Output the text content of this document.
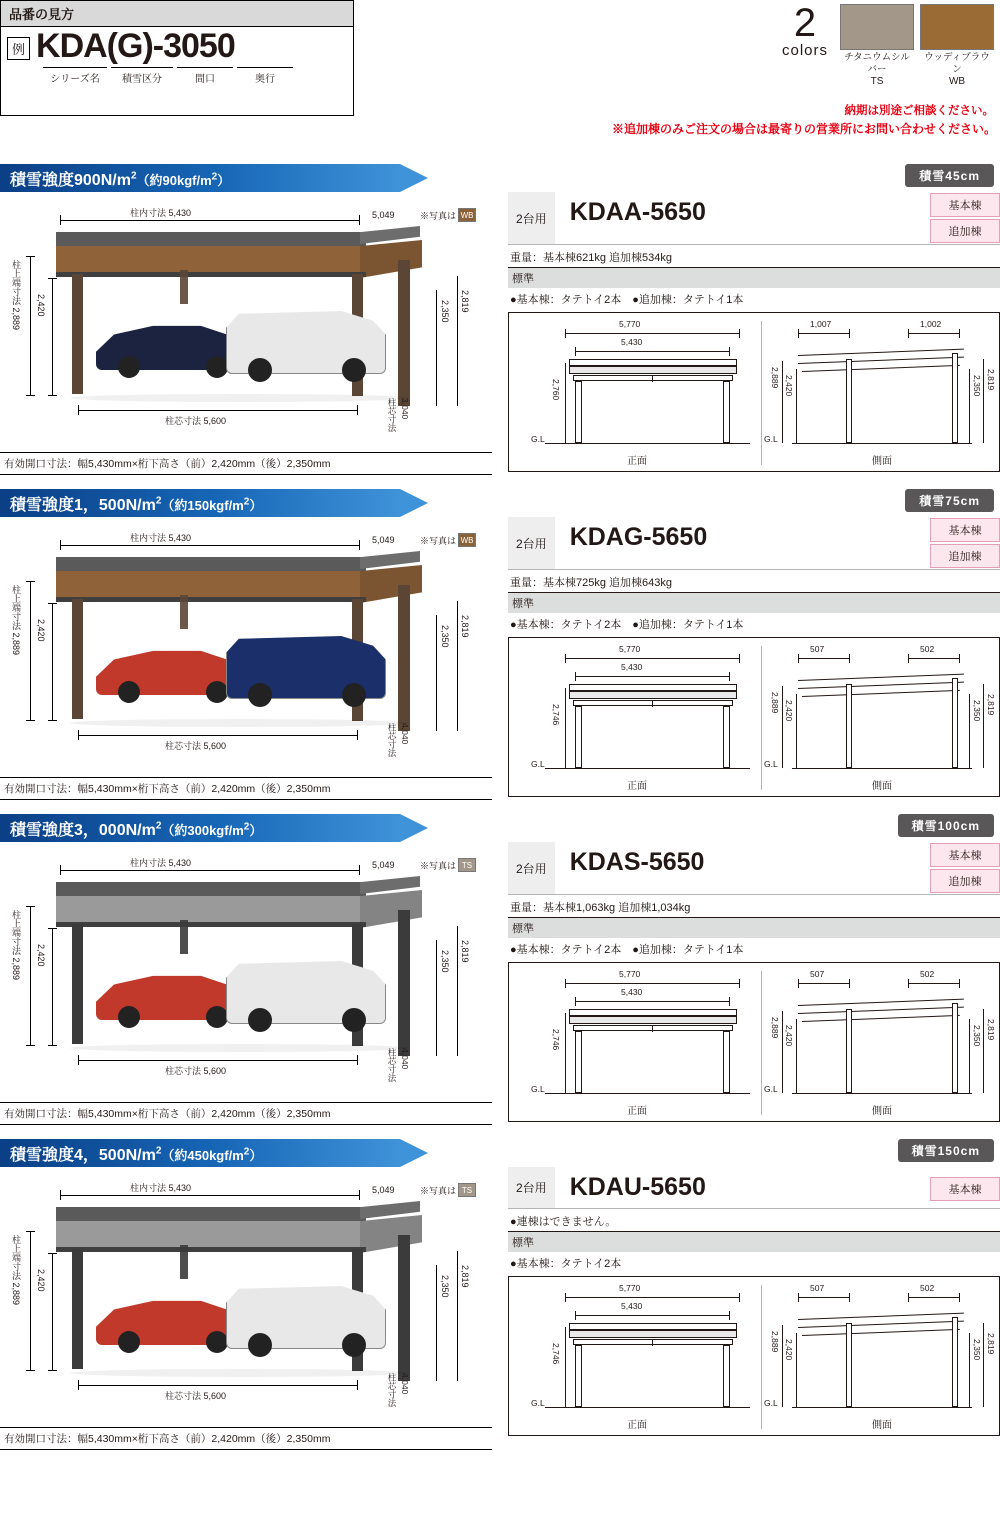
品番の見方
例 KDA(G)-3050
シリーズ名	積雪区分	間口	奥行
2
colors	チタニウムシルバー
TS
ウッディブラウン
WB
納期は別途ご相談ください。
※追加棟のみご注文の場合は最寄りの営業所にお問い合わせください。
積雪45cm
積雪強度$900N/m^2$（約$90kgf/m^2$）
柱内寸法 5,430	5,049	※写真は WB
柱上端寸法 2,889 2,420	2,350 2,819
柱芯寸法 5,600	柱芯寸法 3,040
有効開口寸法：幅5,430mm×桁下高さ（前）2,420mm（後）2,350mm
2台用 KDAA-5650	基本棟
追加棟
重量：基本棟621kg 追加棟534kg
標準
●基本棟：タテトイ2本　●追加棟：タテトイ1本
5,770
5,430
2,760
G.L
正面
1,007	1,002
2,889 2,420
G.L
2,350 2,819
側面
積雪75cm
積雪強度1，$500N/m^2$（約$150kgf/m^2$）
柱内寸法 5,430	5,049	※写真は WB
柱上端寸法 2,889 2,420	2,350 2,819
柱芯寸法 5,600	柱芯寸法 4,040
有効開口寸法：幅5,430mm×桁下高さ（前）2,420mm（後）2,350mm
2台用 KDAG-5650	基本棟
追加棟
重量：基本棟725kg 追加棟643kg
標準
●基本棟：タテトイ2本　●追加棟：タテトイ1本
5,770
5,430
2,746
G.L
正面
507	502
2,889 2,420
G.L
2,350 2,819
側面
積雪100cm
積雪強度3，$000N/m^2$（約$300kgf/m^2$）
柱内寸法 5,430	5,049	※写真は TS
柱上端寸法 2,889 2,420	2,350 2,819
柱芯寸法 5,600	柱芯寸法 4,040
有効開口寸法：幅5,430mm×桁下高さ（前）2,420mm（後）2,350mm
2台用 KDAS-5650	基本棟
追加棟
重量：基本棟1,063kg 追加棟1,034kg
標準
●基本棟：タテトイ2本　●追加棟：タテトイ1本
5,770
5,430
2,746
G.L
正面
507	502
2,889 2,420
G.L
2,350 2,819
側面
積雪150cm
積雪強度4，$500N/m^2$（約$450kgf/m^2$）
柱内寸法 5,430	5,049	※写真は TS
柱上端寸法 2,889 2,420	2,350 2,819
柱芯寸法 5,600	柱芯寸法 4,040
有効開口寸法：幅5,430mm×桁下高さ（前）2,420mm（後）2,350mm
2台用 KDAU-5650	基本棟
●連棟はできません。
標準
●基本棟：タテトイ2本
5,770
5,430
2,746
G.L
正面
507	502
2,889 2,420
G.L
2,350 2,819
側面
